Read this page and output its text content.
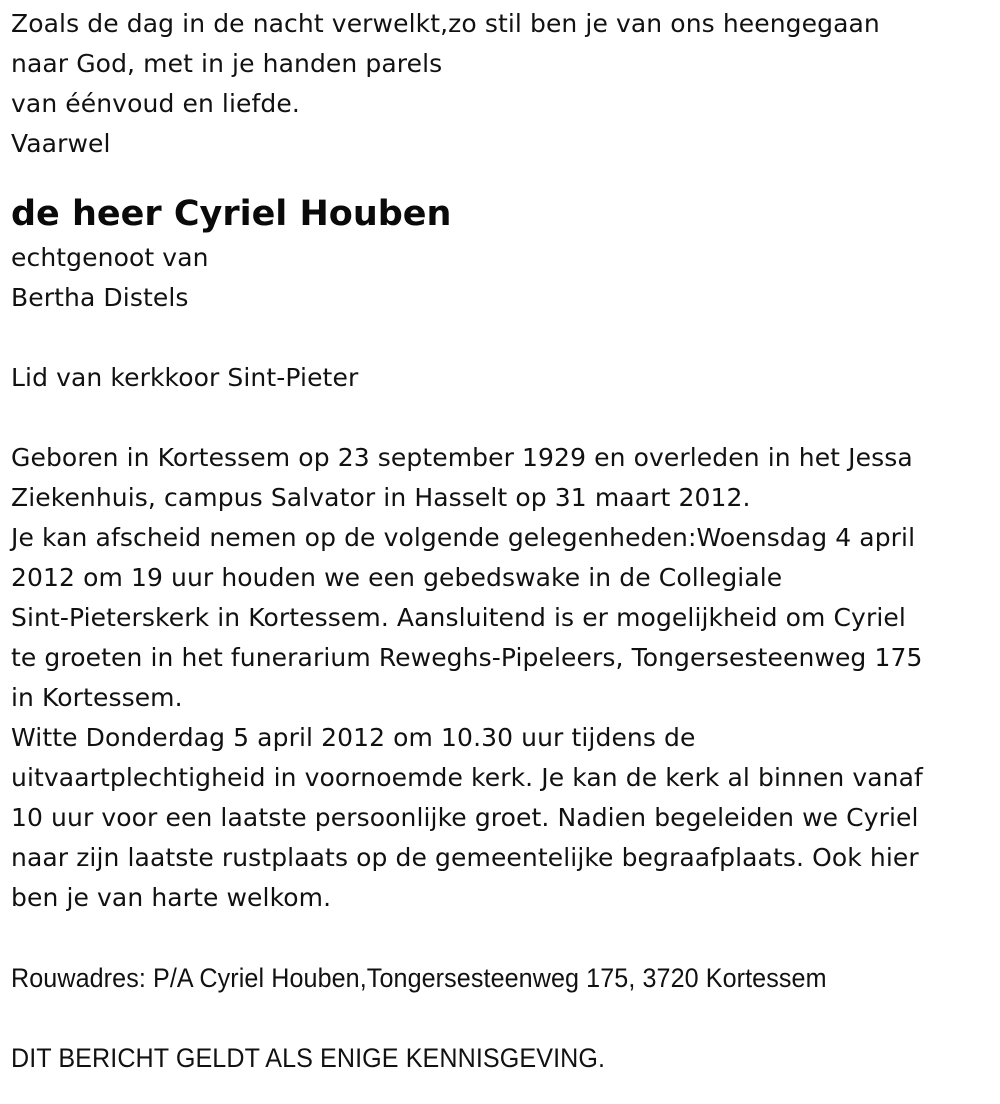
Zoals de dag in de nacht verwelkt,zo stil ben je van ons heengegaan
naar God, met in je handen parels
van éénvoud en liefde.
Vaarwel
de heer Cyriel Houben
echtgenoot van
Bertha Distels
Lid van kerkkoor Sint-Pieter
Geboren in Kortessem op 23 september 1929 en overleden in het Jessa
Ziekenhuis, campus Salvator in Hasselt op 31 maart 2012.
Je kan afscheid nemen op de volgende gelegenheden:Woensdag 4 april
2012 om 19 uur houden we een gebedswake in de Collegiale
Sint-Pieterskerk in Kortessem. Aansluitend is er mogelijkheid om Cyriel
te groeten in het funerarium Reweghs-Pipeleers, Tongersesteenweg 175
in Kortessem.
Witte Donderdag 5 april 2012 om 10.30 uur tijdens de
uitvaartplechtigheid in voornoemde kerk. Je kan de kerk al binnen vanaf
10 uur voor een laatste persoonlijke groet. Nadien begeleiden we Cyriel
naar zijn laatste rustplaats op de gemeentelijke begraafplaats. Ook hier
ben je van harte welkom.
Rouwadres: P/A Cyriel Houben,Tongersesteenweg 175, 3720 Kortessem
DIT BERICHT GELDT ALS ENIGE KENNISGEVING.
